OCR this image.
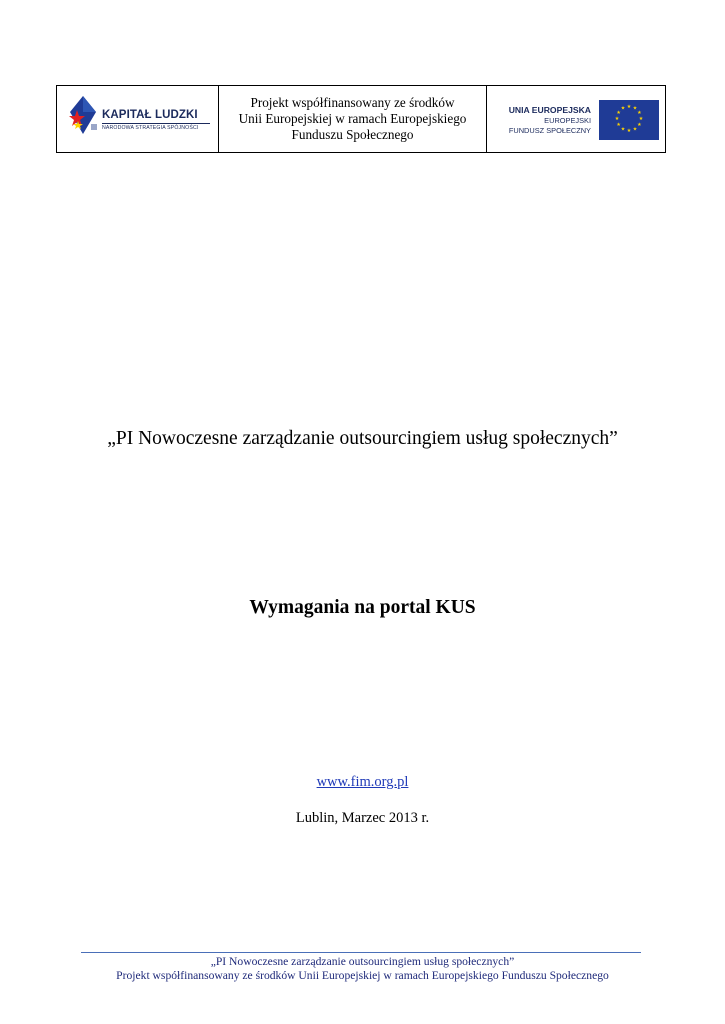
KAPITAŁ LUDZKI
NARODOWA STRATEGIA SPÓJNOŚCI
Projekt współfinansowany ze środków
Unii Europejskiej w ramach Europejskiego
Funduszu Społecznego
UNIA EUROPEJSKA
EUROPEJSKI
FUNDUSZ SPOŁECZNY
★ ★
★
★
★
★
★
★
★
★
★
★
„PI Nowoczesne zarządzanie outsourcingiem usług społecznych”
Wymagania na portal KUS
www.fim.org.pl
Lublin, Marzec 2013 r.
„PI Nowoczesne zarządzanie outsourcingiem usług społecznych”
Projekt współfinansowany ze środków Unii Europejskiej w ramach Europejskiego Funduszu Społecznego
